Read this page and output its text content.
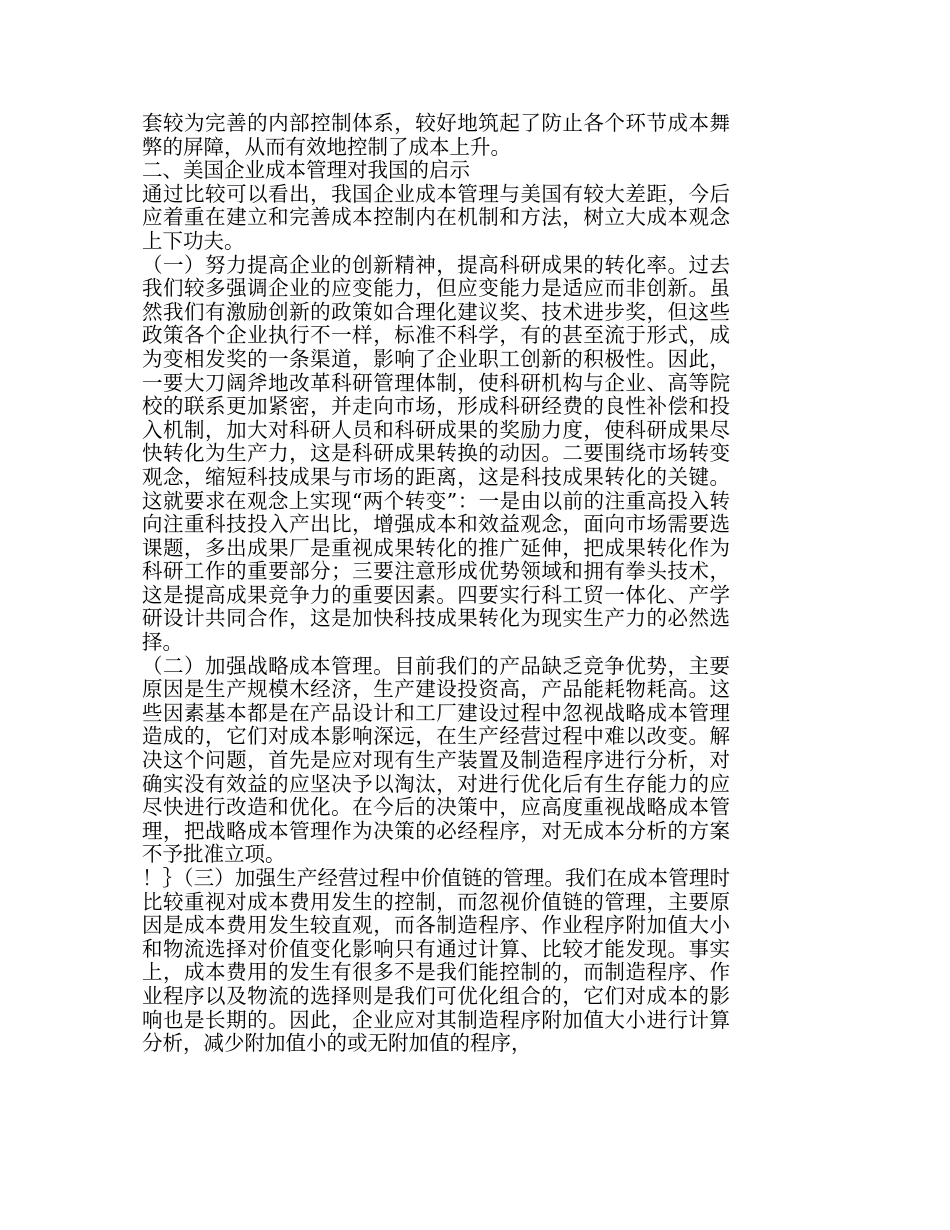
套较为完善的内部控制体系，较好地筑起了防止各个环节成本舞弊的屏障，从而有效地控制了成本上升。

二、美国企业成本管理对我国的启示

通过比较可以看出，我国企业成本管理与美国有较大差距，今后应着重在建立和完善成本控制内在机制和方法，树立大成本观念上下功夫。

（一）努力提高企业的创新精神，提高科研成果的转化率。过去我们较多强调企业的应变能力，但应变能力是适应而非创新。虽然我们有激励创新的政策如合理化建议奖、技术进步奖，但这些政策各个企业执行不一样，标准不科学，有的甚至流于形式，成为变相发奖的一条渠道，影响了企业职工创新的积极性。因此，一要大刀阔斧地改革科研管理体制，使科研机构与企业、高等院校的联系更加紧密，并走向市场，形成科研经费的良性补偿和投入机制，加大对科研人员和科研成果的奖励力度，使科研成果尽快转化为生产力，这是科研成果转换的动因。二要围绕市场转变观念，缩短科技成果与市场的距离，这是科技成果转化的关键。这就要求在观念上实现“两个转变”：一是由以前的注重高投入转向注重科技投入产出比，增强成本和效益观念，面向市场需要选课题，多出成果厂是重视成果转化的推广延伸，把成果转化作为科研工作的重要部分；三要注意形成优势领域和拥有拳头技术，这是提高成果竞争力的重要因素。四要实行科工贸一体化、产学研设计共同合作，这是加快科技成果转化为现实生产力的必然选择。

（二）加强战略成本管理。目前我们的产品缺乏竞争优势，主要原因是生产规模木经济，生产建设投资高，产品能耗物耗高。这些因素基本都是在产品设计和工厂建设过程中忽视战略成本管理造成的，它们对成本影响深远，在生产经营过程中难以改变。解决这个问题，首先是应对现有生产装置及制造程序进行分析，对确实没有效益的应坚决予以淘汰，对进行优化后有生存能力的应尽快进行改造和优化。在今后的决策中，应高度重视战略成本管理，把战略成本管理作为决策的必经程序，对无成本分析的方案不予批准立项。

！｝（三）加强生产经营过程中价值链的管理。我们在成本管理时比较重视对成本费用发生的控制，而忽视价值链的管理，主要原因是成本费用发生较直观，而各制造程序、作业程序附加值大小和物流选择对价值变化影响只有通过计算、比较才能发现。事实上，成本费用的发生有很多不是我们能控制的，而制造程序、作业程序以及物流的选择则是我们可优化组合的，它们对成本的影响也是长期的。因此，企业应对其制造程序附加值大小进行计算分析，减少附加值小的或无附加值的程序，
